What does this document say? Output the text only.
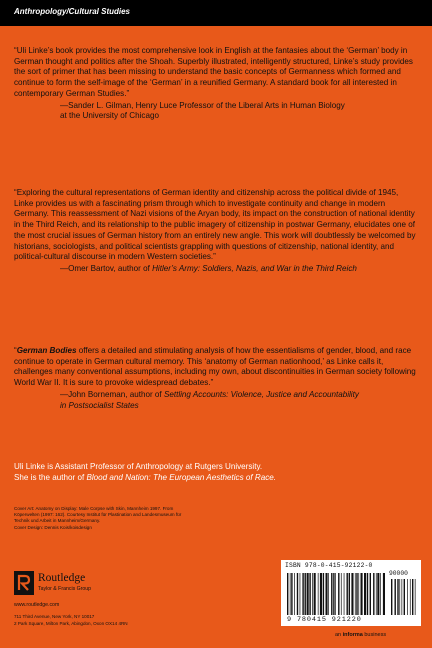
Anthropology/Cultural Studies
“Uli Linke’s book provides the most comprehensive look in English at the fantasies about the ‘German’ body in German thought and politics after the Shoah. Superbly illustrated, intelligently structured, Linke’s study provides the sort of primer that has been missing to understand the basic concepts of Germanness which formed and continue to form the self-image of the ‘German’ in a reunified Germany. A standard book for all interested in contemporary German Studies.”
—Sander L. Gilman, Henry Luce Professor of the Liberal Arts in Human Biology
at the University of Chicago
“Exploring the cultural representations of German identity and citizenship across the political divide of 1945, Linke provides us with a fascinating prism through which to investigate continuity and change in modern Germany. This reassessment of Nazi visions of the Aryan body, its impact on the construction of national identity in the Third Reich, and its relationship to the public imagery of citizenship in postwar Germany, elucidates one of the most crucial issues of German history from an entirely new angle. This work will doubtlessly be welcomed by historians, sociologists, and political scientists grappling with questions of citizenship, national identity, and political-cultural discourse in modern Western societies.”
—Omer Bartov, author of Hitler’s Army: Soldiers, Nazis, and War in the Third Reich
“German Bodies offers a detailed and stimulating analysis of how the essentialisms of gender, blood, and race continue to operate in German cultural memory. This ‘anatomy of German nationhood,’ as Linke calls it, challenges many conventional assumptions, including my own, about discontinuities in German society following World War II. It is sure to provoke widespread debates.”
—John Borneman, author of Settling Accounts: Violence, Justice and Accountability
in Postsocialist States
Uli Linke is Assistant Professor of Anthropology at Rutgers University.
She is the author of Blood and Nation: The European Aesthetics of Race.
Cover Art: Anatomy on Display: Male Corpse with Skin, Mannheim 1997. From
Köperwelten (1997: 162). Courtesy Institut für Plastination and Landesmuseum für
Technik und Arbeit in Mannheim/Germany.
Cover Design: Dennis Kois/koisdesign
Routledge
Taylor & Francis Group
www.routledge.com
711 Third Avenue, New York, NY 10017
2 Park Square, Milton Park, Abingdon, Oxon OX14 4RN
ISBN 978-0-415-92122-0
90000
9 780415 921220
an informa business
